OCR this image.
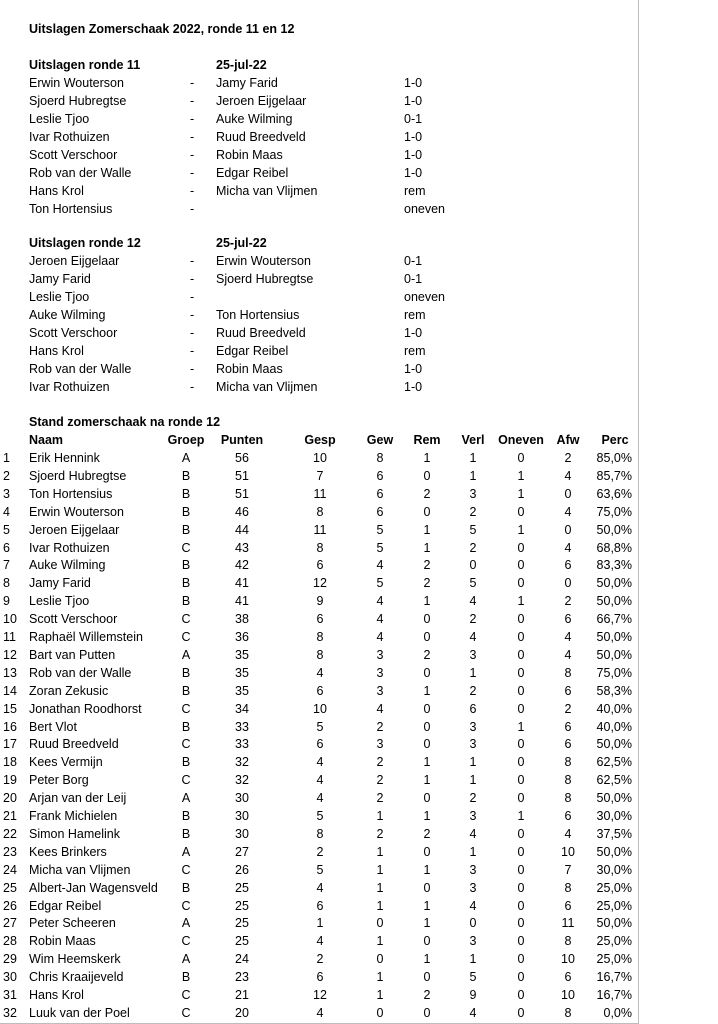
Uitslagen Zomerschaak 2022, ronde 11 en 12
Uitslagen ronde 11	25-jul-22
Erwin Wouterson	- Jamy Farid	1-0
Sjoerd Hubregtse	- Jeroen Eijgelaar	1-0
Leslie Tjoo	- Auke Wilming	0-1
Ivar Rothuizen	- Ruud Breedveld	1-0
Scott Verschoor	- Robin Maas	1-0
Rob van der Walle	- Edgar Reibel	1-0
Hans Krol	- Micha van Vlijmen	rem
Ton Hortensius	-	oneven
Uitslagen ronde 12	25-jul-22
Jeroen Eijgelaar	- Erwin Wouterson	0-1
Jamy Farid	- Sjoerd Hubregtse	0-1
Leslie Tjoo	-	oneven
Auke Wilming	- Ton Hortensius	rem
Scott Verschoor	- Ruud Breedveld	1-0
Hans Krol	- Edgar Reibel	rem
Rob van der Walle	- Robin Maas	1-0
Ivar Rothuizen	- Micha van Vlijmen	1-0
Stand zomerschaak na ronde 12
Naam	Groep Punten	Gesp Gew Rem Verl Oneven Afw Perc
1 Erik Hennink	A	56	10	8	1	1	0	2 85,0%
2 Sjoerd Hubregtse	B	51	7	6	0	1	1	4 85,7%
3 Ton Hortensius	B	51	11	6	2	3	1	0 63,6%
4 Erwin Wouterson	B	46	8	6	0	2	0	4 75,0%
5 Jeroen Eijgelaar	B	44	11	5	1	5	1	0 50,0%
6 Ivar Rothuizen	C	43	8	5	1	2	0	4 68,8%
7 Auke Wilming	B	42	6	4	2	0	0	6 83,3%
8 Jamy Farid	B	41	12	5	2	5	0	0 50,0%
9 Leslie Tjoo	B	41	9	4	1	4	1	2 50,0%
10 Scott Verschoor	C	38	6	4	0	2	0	6 66,7%
11 Raphaël Willemstein	C	36	8	4	0	4	0	4 50,0%
12 Bart van Putten	A	35	8	3	2	3	0	4 50,0%
13 Rob van der Walle	B	35	4	3	0	1	0	8 75,0%
14 Zoran Zekusic	B	35	6	3	1	2	0	6 58,3%
15 Jonathan Roodhorst	C	34	10	4	0	6	0	2 40,0%
16 Bert Vlot	B	33	5	2	0	3	1	6 40,0%
17 Ruud Breedveld	C	33	6	3	0	3	0	6 50,0%
18 Kees Vermijn	B	32	4	2	1	1	0	8 62,5%
19 Peter Borg	C	32	4	2	1	1	0	8 62,5%
20 Arjan van der Leij	A	30	4	2	0	2	0	8 50,0%
21 Frank Michielen	B	30	5	1	1	3	1	6 30,0%
22 Simon Hamelink	B	30	8	2	2	4	0	4 37,5%
23 Kees Brinkers	A	27	2	1	0	1	0	10 50,0%
24 Micha van Vlijmen	C	26	5	1	1	3	0	7 30,0%
25 Albert-Jan Wagensveld B	25	4	1	0	3	0	8 25,0%
26 Edgar Reibel	C	25	6	1	1	4	0	6 25,0%
27 Peter Scheeren	A	25	1	0	1	0	0	11 50,0%
28 Robin Maas	C	25	4	1	0	3	0	8 25,0%
29 Wim Heemskerk	A	24	2	0	1	1	0	10 25,0%
30 Chris Kraaijeveld	B	23	6	1	0	5	0	6 16,7%
31 Hans Krol	C	21	12	1	2	9	0	10 16,7%
32 Luuk van der Poel	C	20	4	0	0	4	0	8	0,0%
